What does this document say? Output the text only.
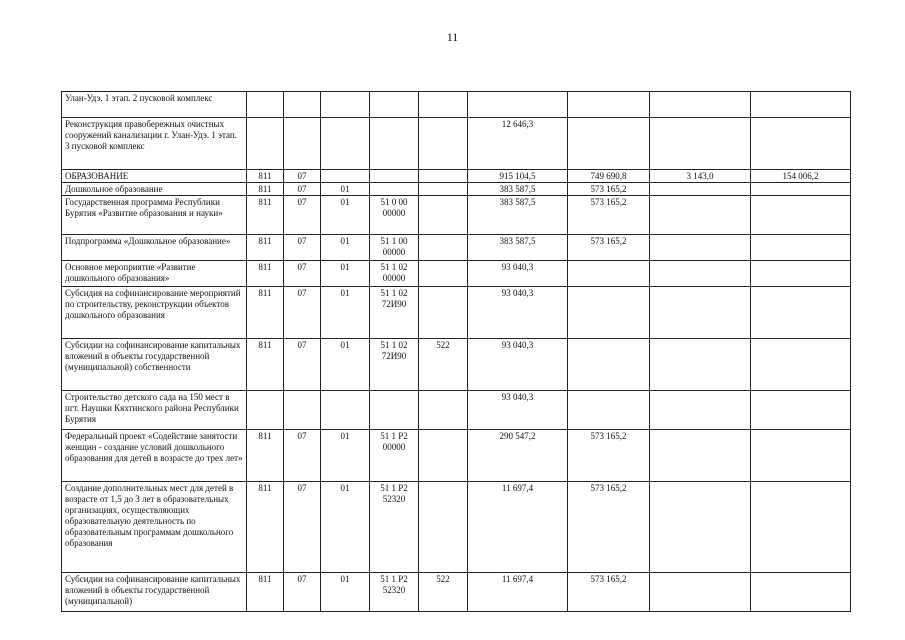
11
Улан-Удэ. 1 этап. 2 пусковой комплекс									
Реконструкция правобережных очистных сооружений канализации г. Улан-Удэ. 1 этап. 3 пусковой комплекс						12 646,3			
ОБРАЗОВАНИЕ	811	07				915 104,5	749 690,8	3 143,0	154 006,2
Дошкольное образование	811	07	01			383 587,5	573 165,2		
Государственная программа Республики Бурятия «Развитие образования и науки»	811	07	01	51 0 00 00000		383 587,5	573 165,2		
Подпрограмма «Дошкольное образование»	811	07	01	51 1 00 00000		383 587,5	573 165,2		
Основное мероприятие «Развитие дошкольного образования»	811	07	01	51 1 02 00000		93 040,3			
Субсидия на софинансирование мероприятий по строительству, реконструкции объектов дошкольного образования	811	07	01	51 1 02 72И90		93 040,3			
Субсидии на софинансирование капитальных вложений в объекты государственной (муниципальной) собственности	811	07	01	51 1 02 72И90	522	93 040,3			
Строительство детского сада на 150 мест в пгт. Наушки Кяхтинского района Республики Бурятия						93 040,3			
Федеральный проект «Содействие занятости женщин - создание условий дошкольного образования для детей в возрасте до трех лет»	811	07	01	51 1 P2 00000		290 547,2	573 165,2		
Создание дополнительных мест для детей в возрасте от 1,5 до 3 лет в образовательных организациях, осуществляющих образовательную деятельность по образовательным программам дошкольного образования	811	07	01	51 1 P2 52320		11 697,4	573 165,2		
Субсидии на софинансирование капитальных вложений в объекты государственной (муниципальной)	811	07	01	51 1 P2 52320	522	11 697,4	573 165,2		
